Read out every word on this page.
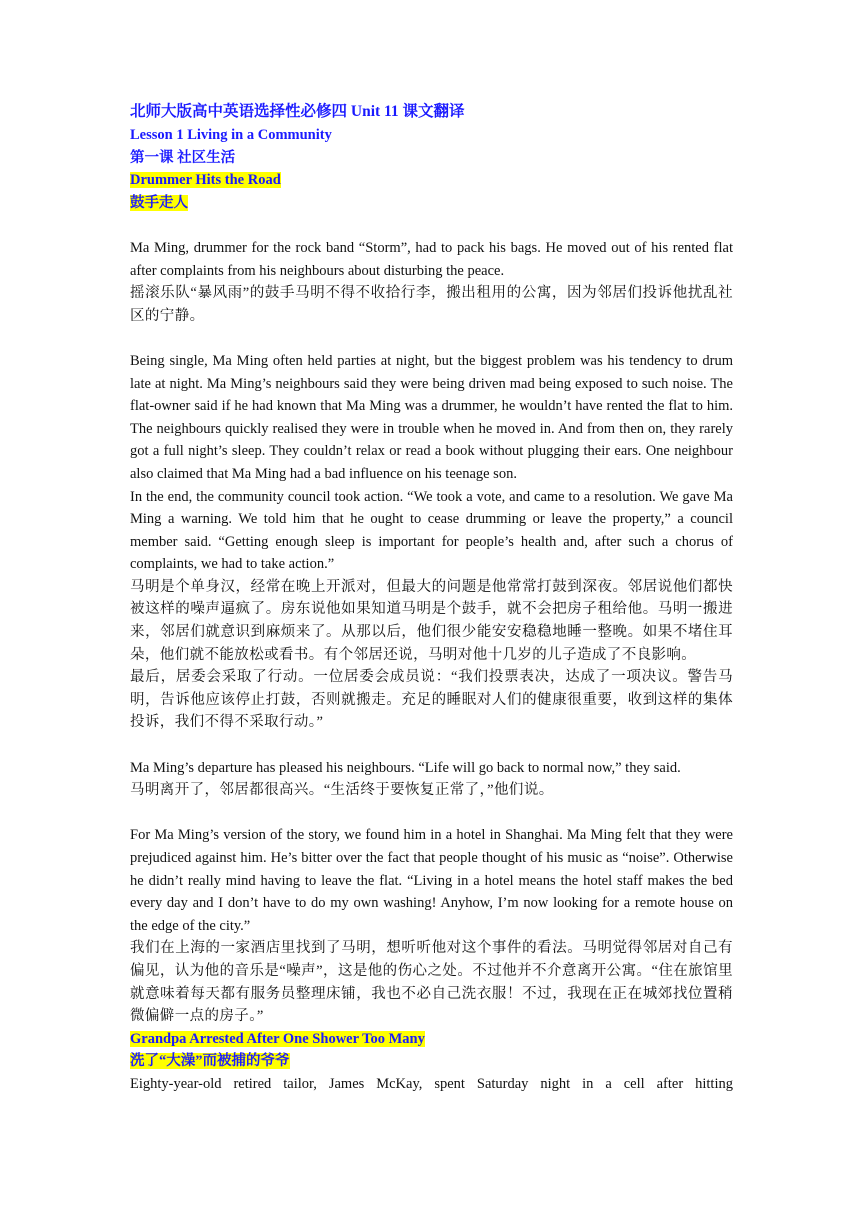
北师大版高中英语选择性必修四 Unit 11 课文翻译
Lesson 1 Living in a Community
第一课 社区生活
Drummer Hits the Road
鼓手走人

Ma Ming, drummer for the rock band “Storm”, had to pack his bags. He moved out of his rented flat after complaints from his neighbours about disturbing the peace.

摇滚乐队“暴风雨”的鼓手马明不得不收拾行李，搬出租用的公寓，因为邻居们投诉他扰乱社区的宁静。

Being single, Ma Ming often held parties at night, but the biggest problem was his tendency to drum late at night. Ma Ming’s neighbours said they were being driven mad being exposed to such noise. The flat-owner said if he had known that Ma Ming was a drummer, he wouldn’t have rented the flat to him. The neighbours quickly realised they were in trouble when he moved in. And from then on, they rarely got a full night’s sleep. They couldn’t relax or read a book without plugging their ears. One neighbour also claimed that Ma Ming had a bad influence on his teenage son.

In the end, the community council took action. “We took a vote, and came to a resolution. We gave Ma Ming a warning. We told him that he ought to cease drumming or leave the property,” a council member said. “Getting enough sleep is important for people’s health and, after such a chorus of complaints, we had to take action.”

马明是个单身汉，经常在晚上开派对，但最大的问题是他常常打鼓到深夜。邻居说他们都快被这样的噪声逼疯了。房东说他如果知道马明是个鼓手，就不会把房子租给他。马明一搬进来，邻居们就意识到麻烦来了。从那以后，他们很少能安安稳稳地睡一整晚。如果不堵住耳朵，他们就不能放松或看书。有个邻居还说，马明对他十几岁的儿子造成了不良影响。

最后，居委会采取了行动。一位居委会成员说：“我们投票表决，达成了一项决议。警告马明，告诉他应该停止打鼓，否则就搬走。充足的睡眠对人们的健康很重要，收到这样的集体投诉，我们不得不采取行动。”

Ma Ming’s departure has pleased his neighbours. “Life will go back to normal now,” they said.

马明离开了，邻居都很高兴。“生活终于要恢复正常了，”他们说。

For Ma Ming’s version of the story, we found him in a hotel in Shanghai. Ma Ming felt that they were prejudiced against him. He’s bitter over the fact that people thought of his music as “noise”. Otherwise he didn’t really mind having to leave the flat. “Living in a hotel means the hotel staff makes the bed every day and I don’t have to do my own washing! Anyhow, I’m now looking for a remote house on the edge of the city.”

我们在上海的一家酒店里找到了马明，想听听他对这个事件的看法。马明觉得邻居对自己有偏见，认为他的音乐是“噪声”，这是他的伤心之处。不过他并不介意离开公寓。“住在旅馆里就意味着每天都有服务员整理床铺，我也不必自己洗衣服！不过，我现在正在城郊找位置稍微偏僻一点的房子。”

Grandpa Arrested After One Shower Too Many
洗了“大澡”而被捕的爷爷

Eighty-year-old retired tailor, James McKay, spent Saturday night in a cell after hitting
